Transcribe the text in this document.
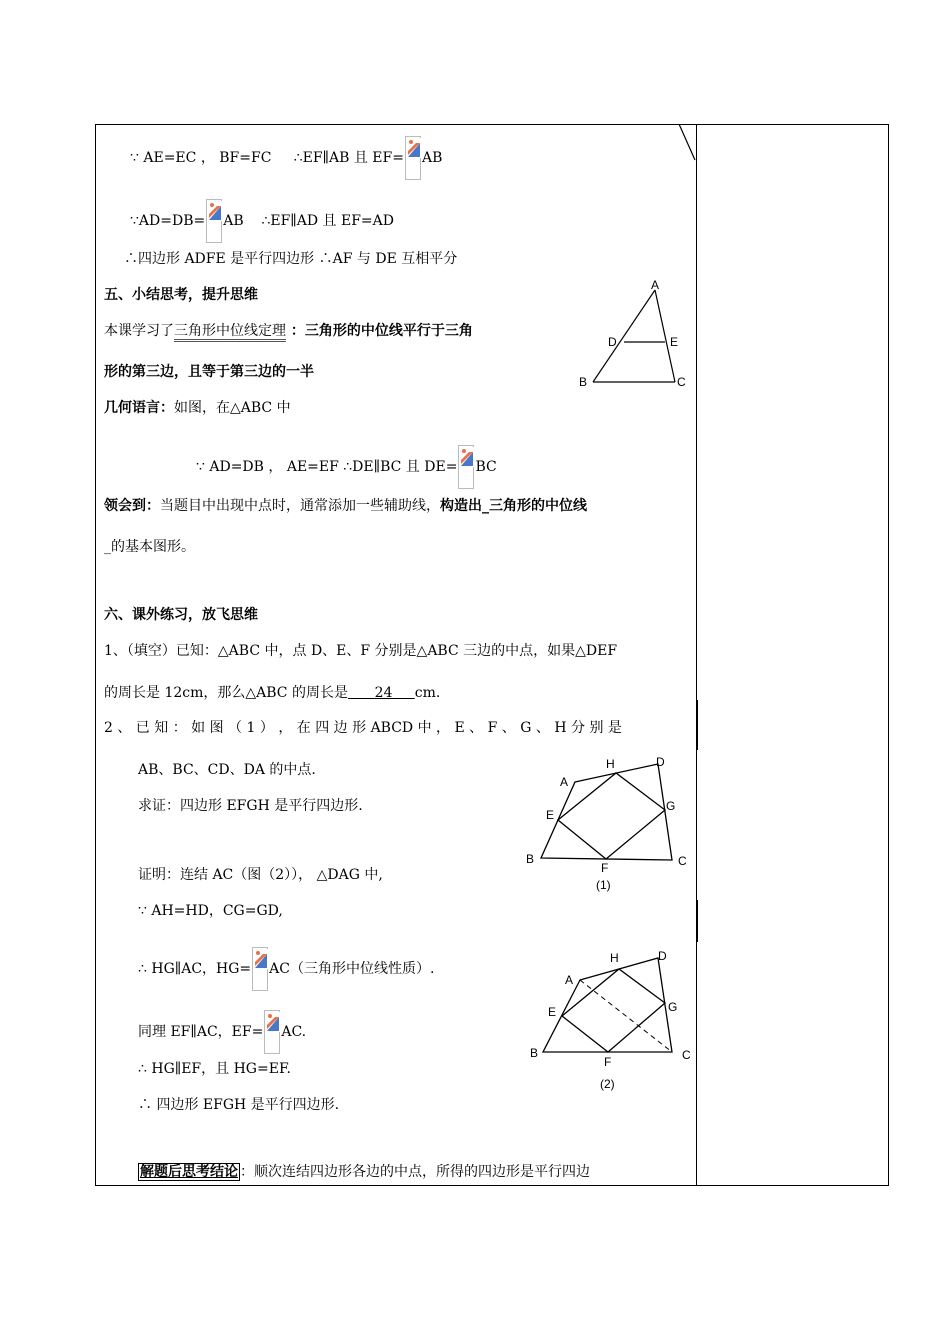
∵ AE=EC ， BF=FC ∴EF∥AB 且 EF= AB
∵AD=DB= AB ∴EF∥AD 且 EF=AD
∴四边形 ADFE 是平行四边形 ∴AF 与 DE 互相平分
五、小结思考，提升思维
本课学习了三角形中位线定理 ：三角形的中位线平行于三角
形的第三边，且等于第三边的一半
几何语言：如图，在△ABC 中
∵ AD=DB ， AE=EF ∴DE∥BC 且 DE= BC
A
B	C
D	E
领会到：当题目中出现中点时，通常添加一些辅助线，构造出_三角形的中位线
_的基本图形。
六、课外练习，放飞思维
1、（填空）已知：△ABC 中，点 D、E、F 分别是△ABC 三边的中点，如果△DEF
的周长是 12cm，那么△ABC 的周长是 24 cm.
2 、 已 知 ： 如 图 （ 1 ） ， 在 四 边 形 ABCD 中 ， E 、 F 、 G 、 H 分 别 是
AB、BC、CD、DA 的中点.
求证：四边形 EFGH 是平行四边形.
A
B	C
D
E
F
G
H
(1)
证明：连结 AC（图（2））， △DAG 中,
∵ AH=HD，CG=GD,
∴ HG∥AC，HG= AC（三角形中位线性质）.
同理 EF∥AC，EF= AC.
∴ HG∥EF，且 HG=EF.
∴ 四边形 EFGH 是平行四边形.
A
B	C
D
E
F
G
H
(2)
解题后思考结论 ：顺次连结四边形各边的中点，所得的四边形是平行四边
